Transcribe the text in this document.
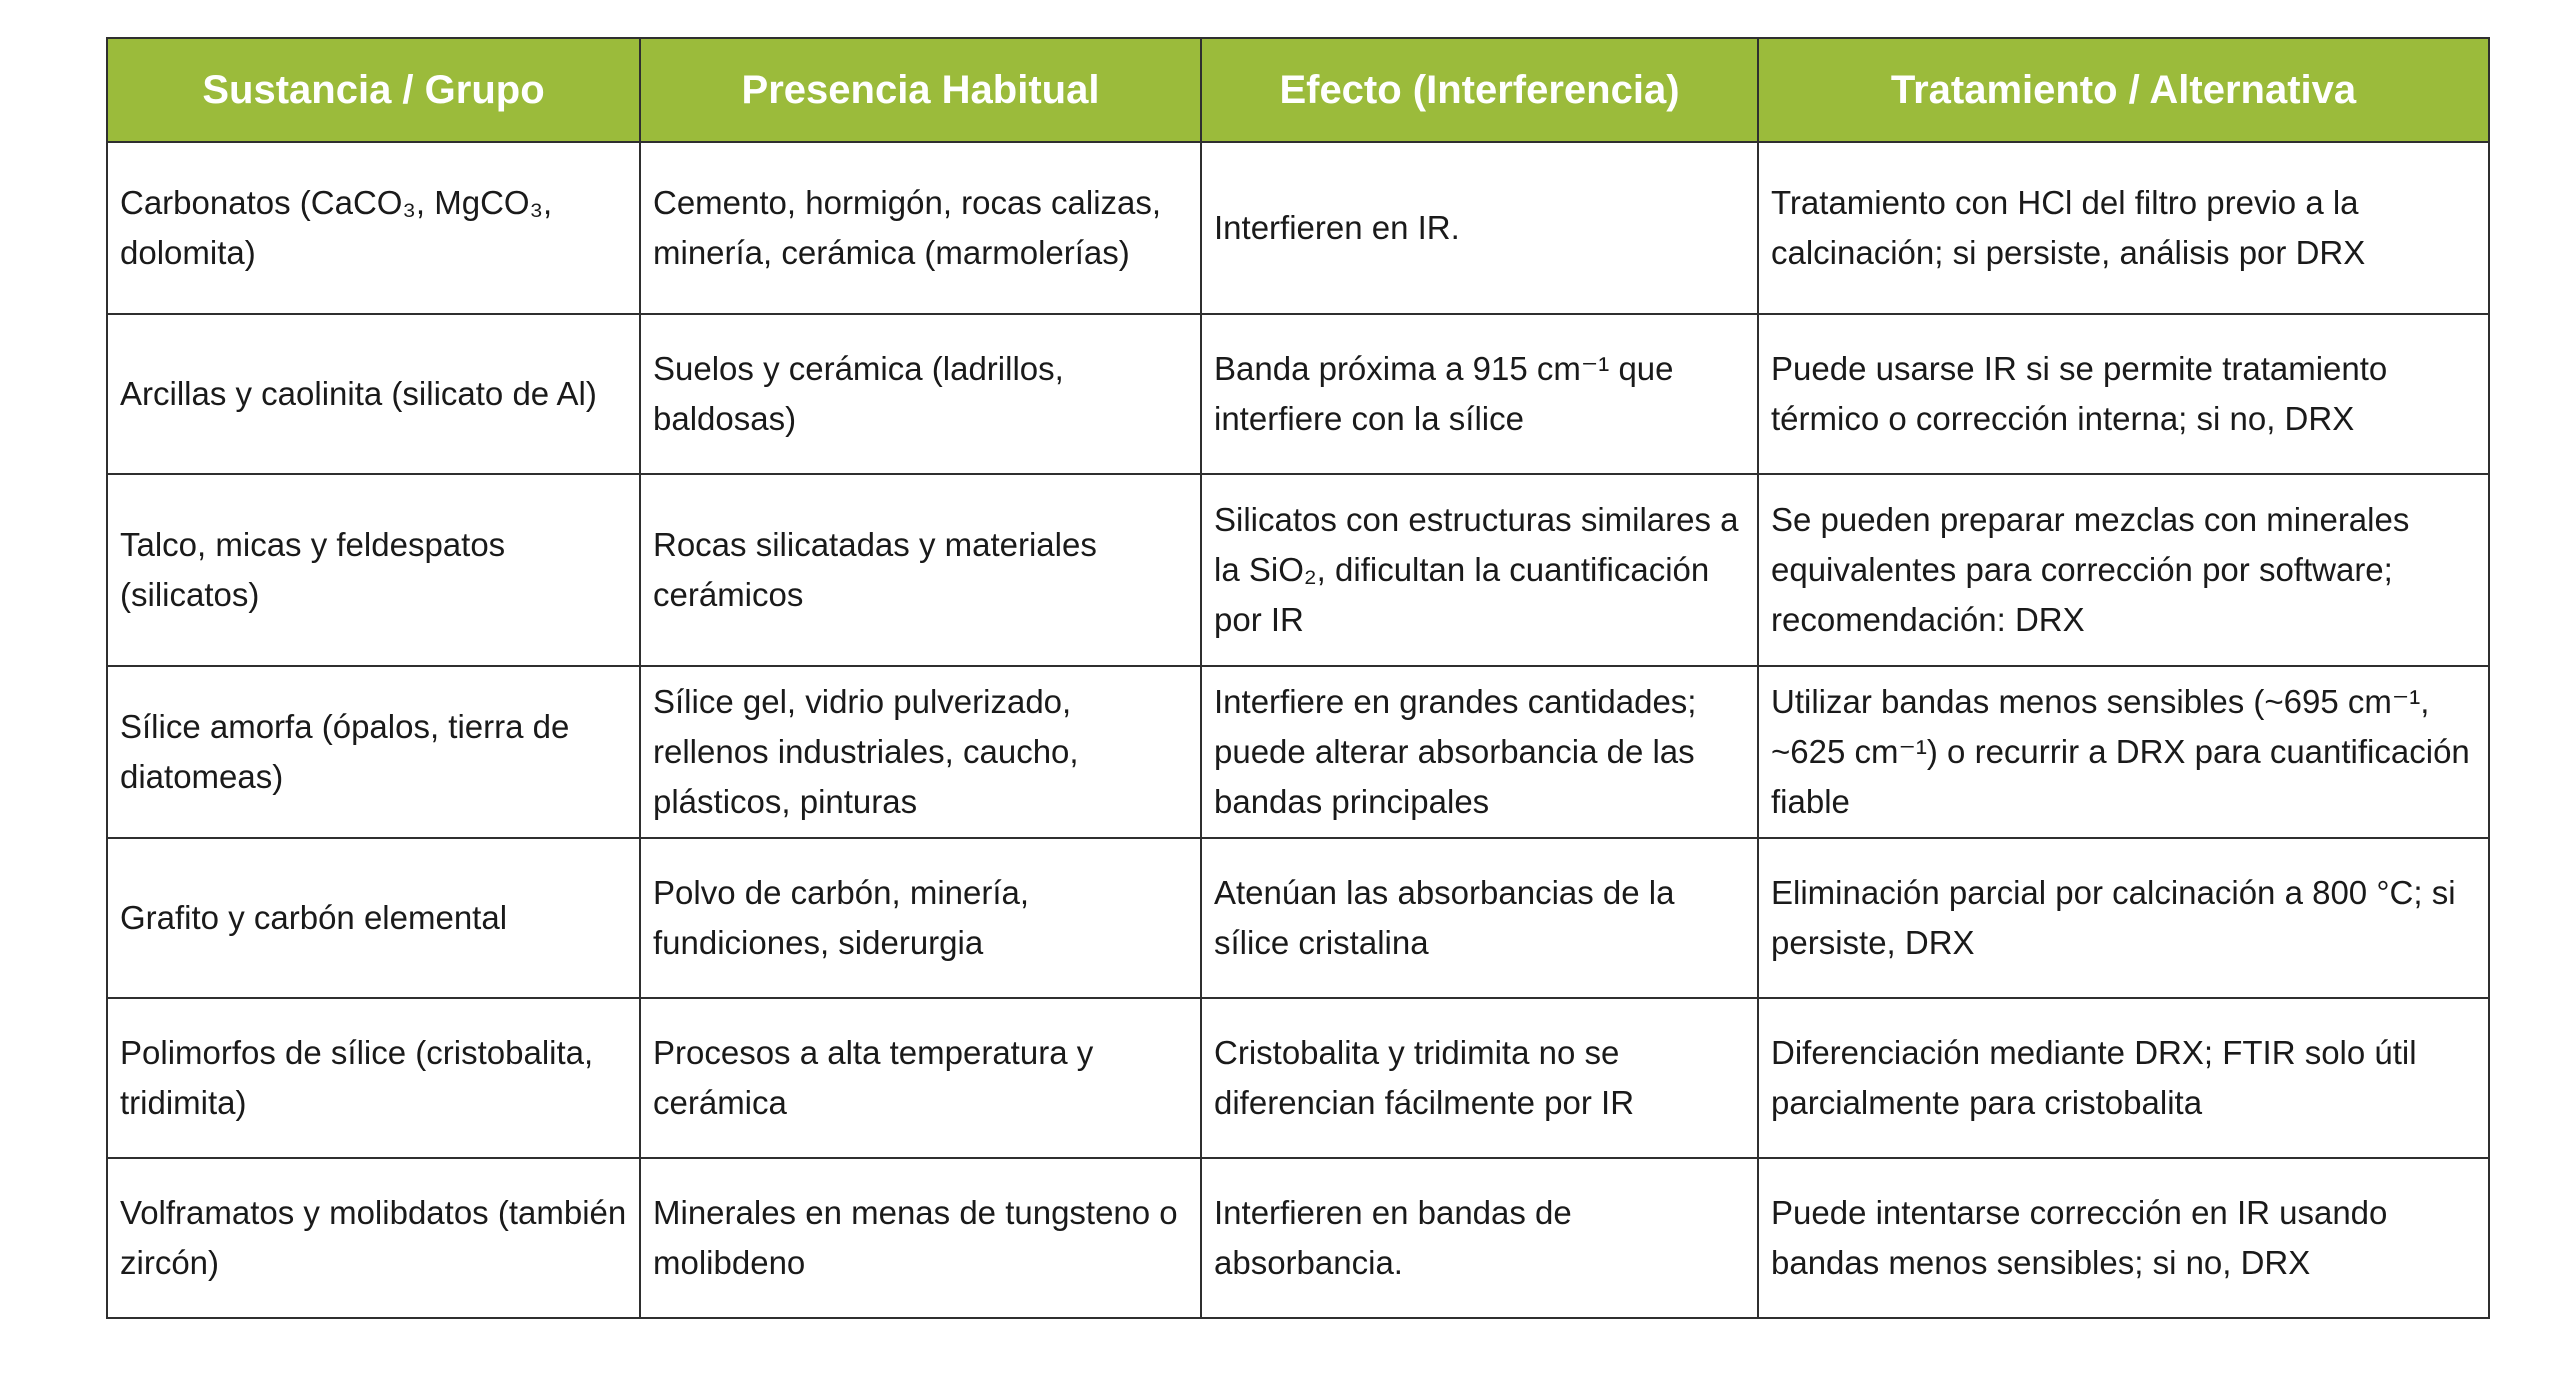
Sustancia / Grupo	Presencia Habitual	Efecto (Interferencia)	Tratamiento / Alternativa
Carbonatos (CaCO₃, MgCO₃, dolomita)	Cemento, hormigón, rocas calizas, minería, cerámica (marmolerías)	Interfieren en IR.	Tratamiento con HCl del filtro previo a la calcinación; si persiste, análisis por DRX
Arcillas y caolinita (silicato de Al)	Suelos y cerámica (ladrillos, baldosas)	Banda próxima a 915 cm⁻¹ que interfiere con la sílice	Puede usarse IR si se permite tratamiento térmico o corrección interna; si no, DRX
Talco, micas y feldespatos (silicatos)	Rocas silicatadas y materiales cerámicos	Silicatos con estructuras similares a la SiO₂, dificultan la cuantificación por IR	Se pueden preparar mezclas con minerales equivalentes para corrección por software; recomendación: DRX
Sílice amorfa (ópalos, tierra de diatomeas)	Sílice gel, vidrio pulverizado, rellenos industriales, caucho, plásticos, pinturas	Interfiere en grandes cantidades; puede alterar absorbancia de las bandas principales	Utilizar bandas menos sensibles (~695 cm⁻¹, ~625 cm⁻¹) o recurrir a DRX para cuantificación fiable
Grafito y carbón elemental	Polvo de carbón, minería, fundiciones, siderurgia	Atenúan las absorbancias de la sílice cristalina	Eliminación parcial por calcinación a 800 °C; si persiste, DRX
Polimorfos de sílice (cristobalita, tridimita)	Procesos a alta temperatura y cerámica	Cristobalita y tridimita no se diferencian fácilmente por IR	Diferenciación mediante DRX; FTIR solo útil parcialmente para cristobalita
Volframatos y molibdatos (también zircón)	Minerales en menas de tungsteno o molibdeno	Interfieren en bandas de absorbancia.	Puede intentarse corrección en IR usando bandas menos sensibles; si no, DRX
